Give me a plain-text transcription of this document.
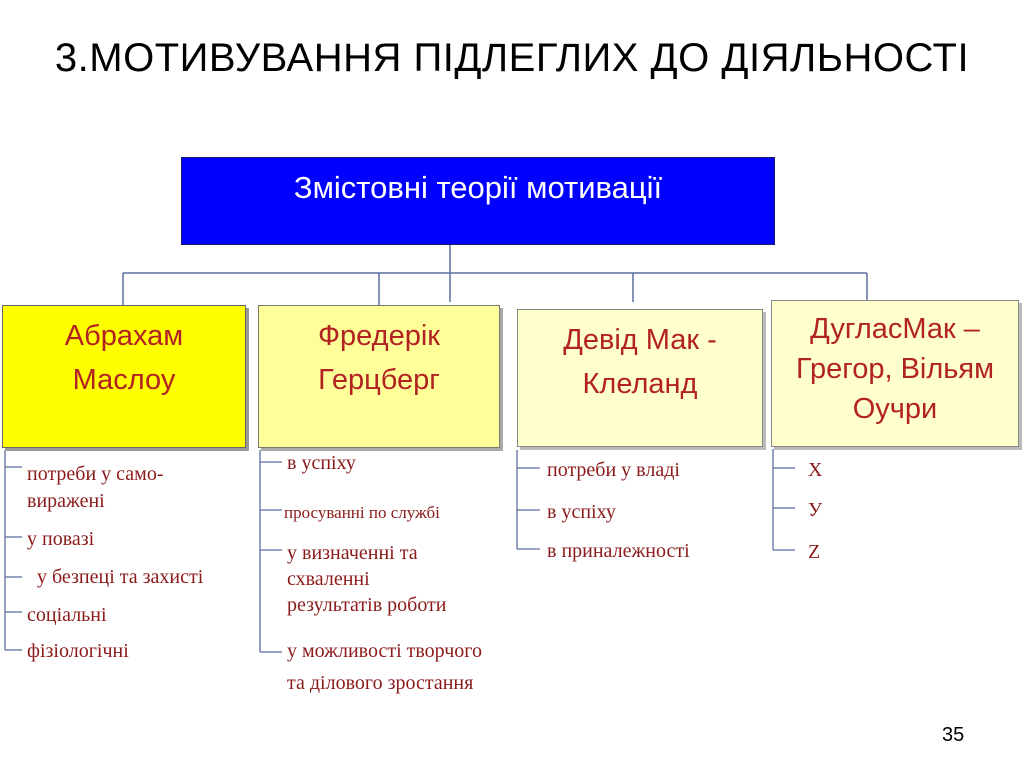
3.МОТИВУВАННЯ ПІДЛЕГЛИХ ДО ДІЯЛЬНОСТІ
Змістовні теорії мотивації
Абрахам Маслоу
Фредерік Герцберг
Девід Мак - Клеланд
ДугласМак – Грегор, Вільям Оучри
потреби у само-
виражені
у повазі
у безпеці та захисті
соціальні
фізіологічні
в успіху
просуванні по службі
у визначенні та
схваленні
результатів роботи
у можливості творчого
та ділового зростання
потреби у владі
в успіху
в приналежності
X
У
Z
35
